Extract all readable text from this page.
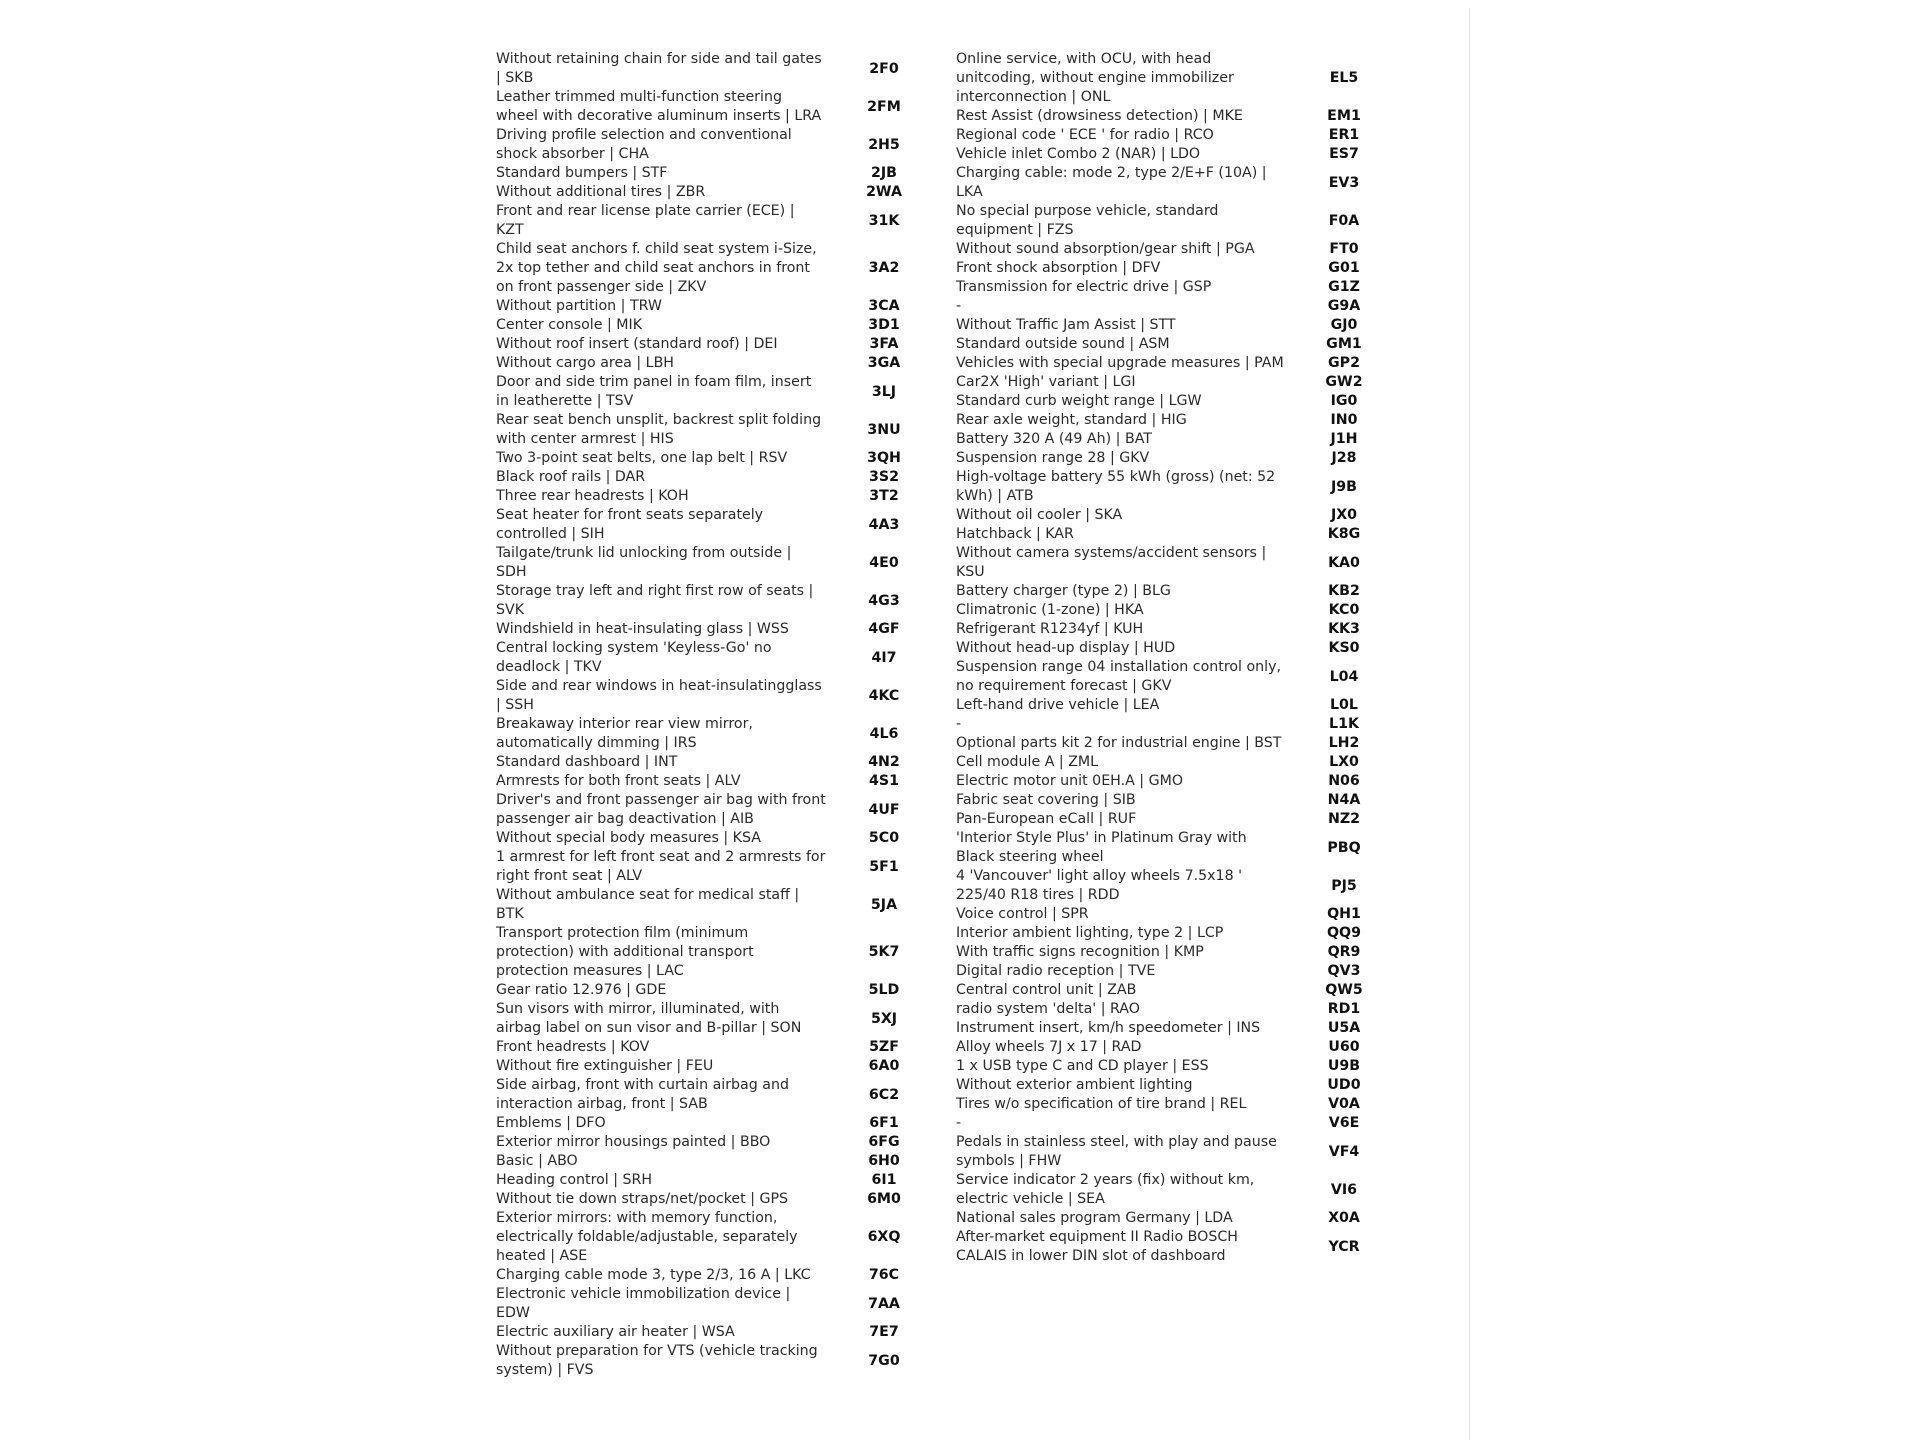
Without retaining chain for side and tail gates | SKB
2F0
Leather trimmed multi-function steering wheel with decorative aluminum inserts | LRA
2FM
Driving profile selection and conventional shock absorber | CHA
2H5
Standard bumpers | STF	2JB
Without additional tires | ZBR	2WA
Front and rear license plate carrier (ECE) | KZT
31K
Child seat anchors f. child seat system i-Size, 2x top tether and child seat anchors in front on front passenger side | ZKV
3A2
Without partition | TRW	3CA
Center console | MIK	3D1
Without roof insert (standard roof) | DEI	3FA
Without cargo area | LBH	3GA
Door and side trim panel in foam film, insert in leatherette | TSV
3LJ
Rear seat bench unsplit, backrest split folding with center armrest | HIS
3NU
Two 3-point seat belts, one lap belt | RSV	3QH
Black roof rails | DAR	3S2
Three rear headrests | KOH	3T2
Seat heater for front seats separately controlled | SIH
4A3
Tailgate/trunk lid unlocking from outside | SDH
4E0
Storage tray left and right first row of seats | SVK
4G3
Windshield in heat-insulating glass | WSS	4GF
Central locking system 'Keyless-Go' no deadlock | TKV
4I7
Side and rear windows in heat-insulatingglass | SSH
4KC
Breakaway interior rear view mirror, automatically dimming | IRS
4L6
Standard dashboard | INT	4N2
Armrests for both front seats | ALV	4S1
Driver's and front passenger air bag with front passenger air bag deactivation | AIB
4UF
Without special body measures | KSA	5C0
1 armrest for left front seat and 2 armrests for right front seat | ALV
5F1
Without ambulance seat for medical staff | BTK
5JA
Transport protection film (minimum protection) with additional transport protection measures | LAC
5K7
Gear ratio 12.976 | GDE	5LD
Sun visors with mirror, illuminated, with airbag label on sun visor and B-pillar | SON
5XJ
Front headrests | KOV	5ZF
Without fire extinguisher | FEU	6A0
Side airbag, front with curtain airbag and interaction airbag, front | SAB
6C2
Emblems | DFO	6F1
Exterior mirror housings painted | BBO	6FG
Basic | ABO	6H0
Heading control | SRH	6I1
Without tie down straps/net/pocket | GPS	6M0
Exterior mirrors: with memory function, electrically foldable/adjustable, separately heated | ASE
6XQ
Charging cable mode 3, type 2/3, 16 A | LKC	76C
Electronic vehicle immobilization device | EDW
7AA
Electric auxiliary air heater | WSA	7E7
Without preparation for VTS (vehicle tracking system) | FVS
7G0
Online service, with OCU, with head unitcoding, without engine immobilizer interconnection | ONL
EL5
Rest Assist (drowsiness detection) | MKE	EM1
Regional code ' ECE ' for radio | RCO	ER1
Vehicle inlet Combo 2 (NAR) | LDO	ES7
Charging cable: mode 2, type 2/E+F (10A) | LKA
EV3
No special purpose vehicle, standard equipment | FZS
F0A
Without sound absorption/gear shift | PGA	FT0
Front shock absorption | DFV	G01
Transmission for electric drive | GSP	G1Z
-	G9A
Without Traffic Jam Assist | STT	GJ0
Standard outside sound | ASM	GM1
Vehicles with special upgrade measures | PAM	GP2
Car2X 'High' variant | LGI	GW2
Standard curb weight range | LGW	IG0
Rear axle weight, standard | HIG	IN0
Battery 320 A (49 Ah) | BAT	J1H
Suspension range 28 | GKV	J28
High-voltage battery 55 kWh (gross) (net: 52 kWh) | ATB
J9B
Without oil cooler | SKA	JX0
Hatchback | KAR	K8G
Without camera systems/accident sensors | KSU
KA0
Battery charger (type 2) | BLG	KB2
Climatronic (1-zone) | HKA	KC0
Refrigerant R1234yf | KUH	KK3
Without head-up display | HUD	KS0
Suspension range 04 installation control only, no requirement forecast | GKV
L04
Left-hand drive vehicle | LEA	L0L
-	L1K
Optional parts kit 2 for industrial engine | BST	LH2
Cell module A | ZML	LX0
Electric motor unit 0EH.A | GMO	N06
Fabric seat covering | SIB	N4A
Pan-European eCall | RUF	NZ2
'Interior Style Plus' in Platinum Gray with Black steering wheel
PBQ
4 'Vancouver' light alloy wheels 7.5x18 ' 225/40 R18 tires | RDD
PJ5
Voice control | SPR	QH1
Interior ambient lighting, type 2 | LCP	QQ9
With traffic signs recognition | KMP	QR9
Digital radio reception | TVE	QV3
Central control unit | ZAB	QW5
radio system 'delta' | RAO	RD1
Instrument insert, km/h speedometer | INS	U5A
Alloy wheels 7J x 17 | RAD	U60
1 x USB type C and CD player | ESS	U9B
Without exterior ambient lighting	UD0
Tires w/o specification of tire brand | REL	V0A
-	V6E
Pedals in stainless steel, with play and pause symbols | FHW
VF4
Service indicator 2 years (fix) without km, electric vehicle | SEA
VI6
National sales program Germany | LDA	X0A
After-market equipment II Radio BOSCH CALAIS in lower DIN slot of dashboard
YCR
